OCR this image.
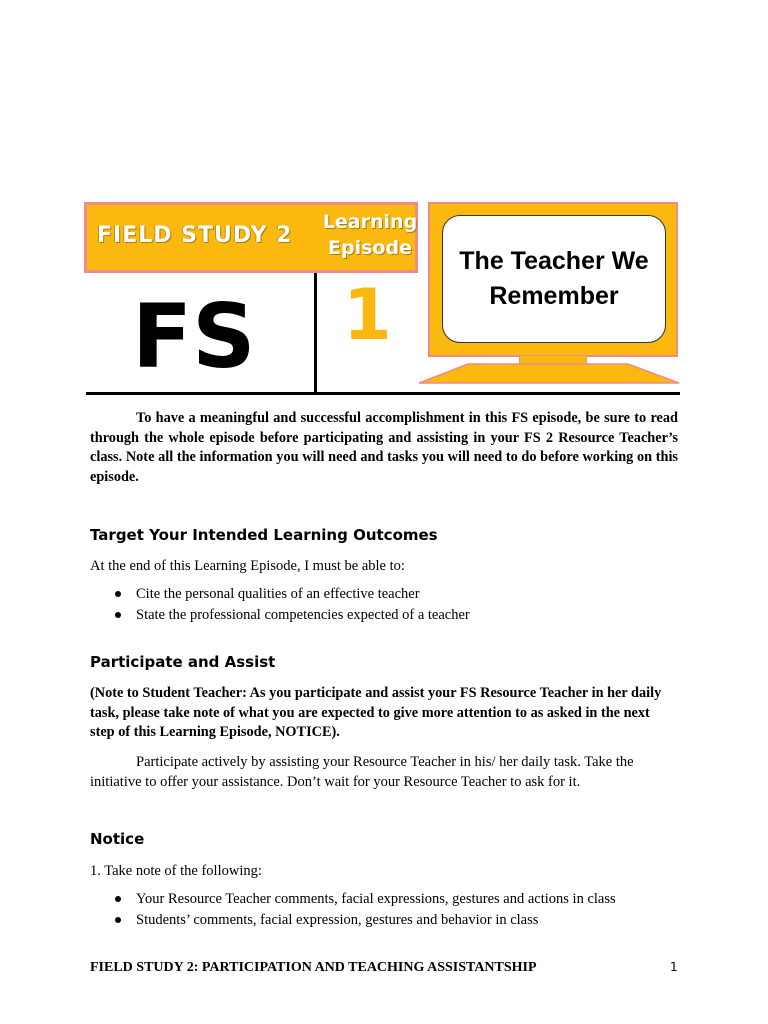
FIELD STUDY 2
Learning Episode
FS 1
The Teacher We Remember

To have a meaningful and successful accomplishment in this FS episode, be sure to read through the whole episode before participating and assisting in your FS 2 Resource Teacher’s class. Note all the information you will need and tasks you will need to do before working on this episode.

Target Your Intended Learning Outcomes

At the end of this Learning Episode, I must be able to:

Cite the personal qualities of an effective teacher
State the professional competencies expected of a teacher
Participate and Assist

(Note to Student Teacher: As you participate and assist your FS Resource Teacher in her daily task, please take note of what you are expected to give more attention to as asked in the next step of this Learning Episode, NOTICE).

Participate actively by assisting your Resource Teacher in his/ her daily task. Take the initiative to offer your assistance. Don’t wait for your Resource Teacher to ask for it.

Notice

1. Take note of the following:

Your Resource Teacher comments, facial expressions, gestures and actions in class
Students’ comments, facial expression, gestures and behavior in class

FIELD STUDY 2: PARTICIPATION AND TEACHING ASSISTANTSHIP	1
